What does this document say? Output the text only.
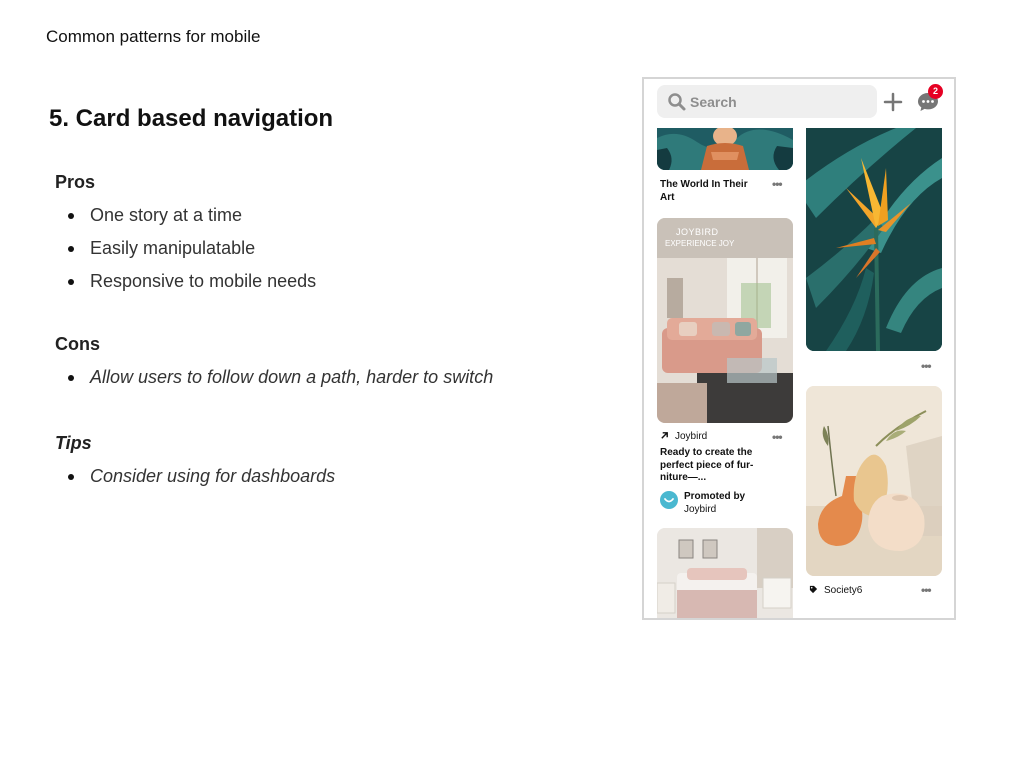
Common patterns for mobile
5. Card based navigation
Pros
One story at a time
Easily manipulatable
Responsive to mobile needs
Cons
Allow users to follow down a path, harder to switch
Tips
Consider using for dashboards
Search
2
The World In Their Art
•••
JOYBIRD
EXPERIENCE JOY
Joybird	•••
Ready to create the perfect piece of fur- niture—...
Promoted by
Joybird
•••
Society6	•••
